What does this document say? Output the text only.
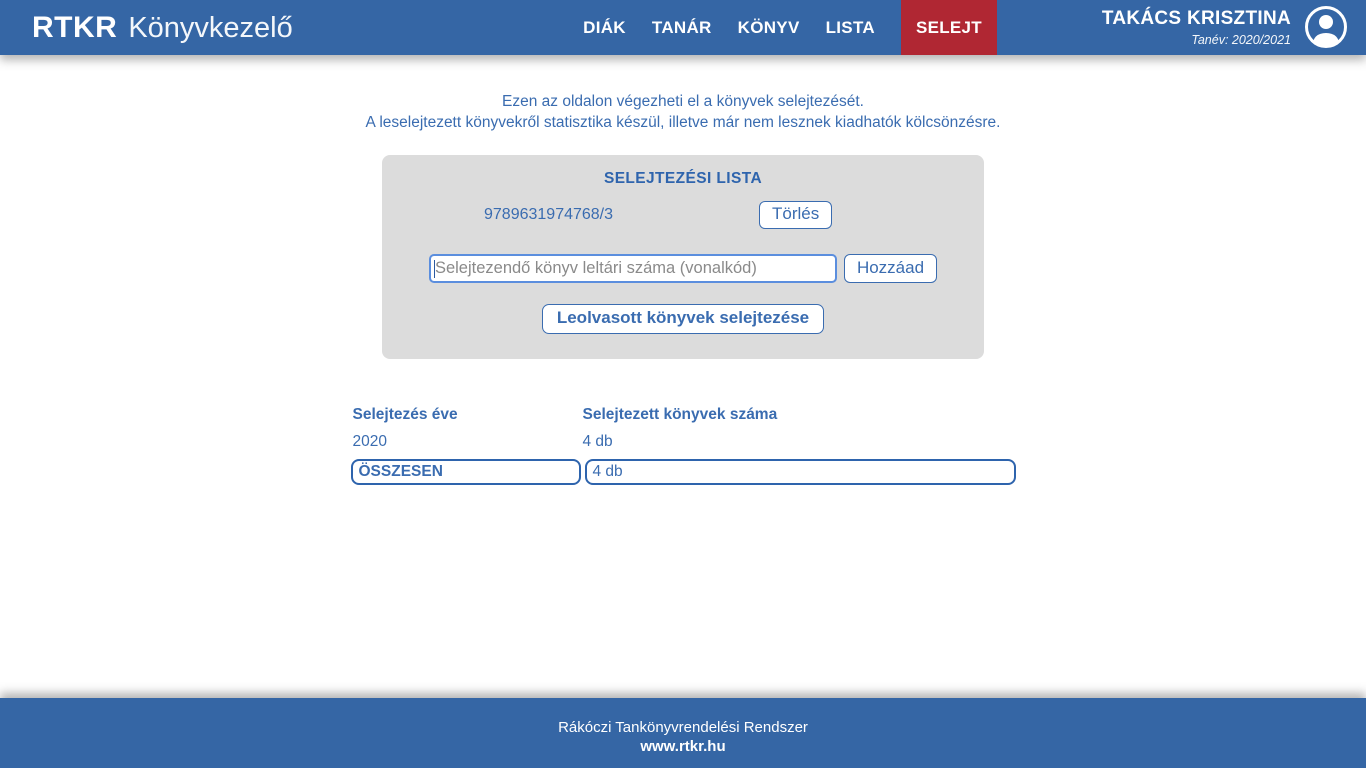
RTKR Könyvkezelő	DIÁK TANÁR KÖNYV LISTA	SELEJT	TAKÁCS KRISZTINA
Tanév: 2020/2021
Ezen az oldalon végezheti el a könyvek selejtezését.
A leselejtezett könyvekről statisztika készül, illetve már nem lesznek kiadhatók kölcsönzésre.
SELEJTEZÉSI LISTA
9789631974768/3	Törlés
Selejtezendő könyv leltári száma (vonalkód)
Hozzáad
Leolvasott könyvek selejtezése
Selejtezés éve	Selejtezett könyvek száma
2020	4 db
ÖSSZESEN	4 db
Rákóczi Tankönyvrendelési Rendszer
www.rtkr.hu
